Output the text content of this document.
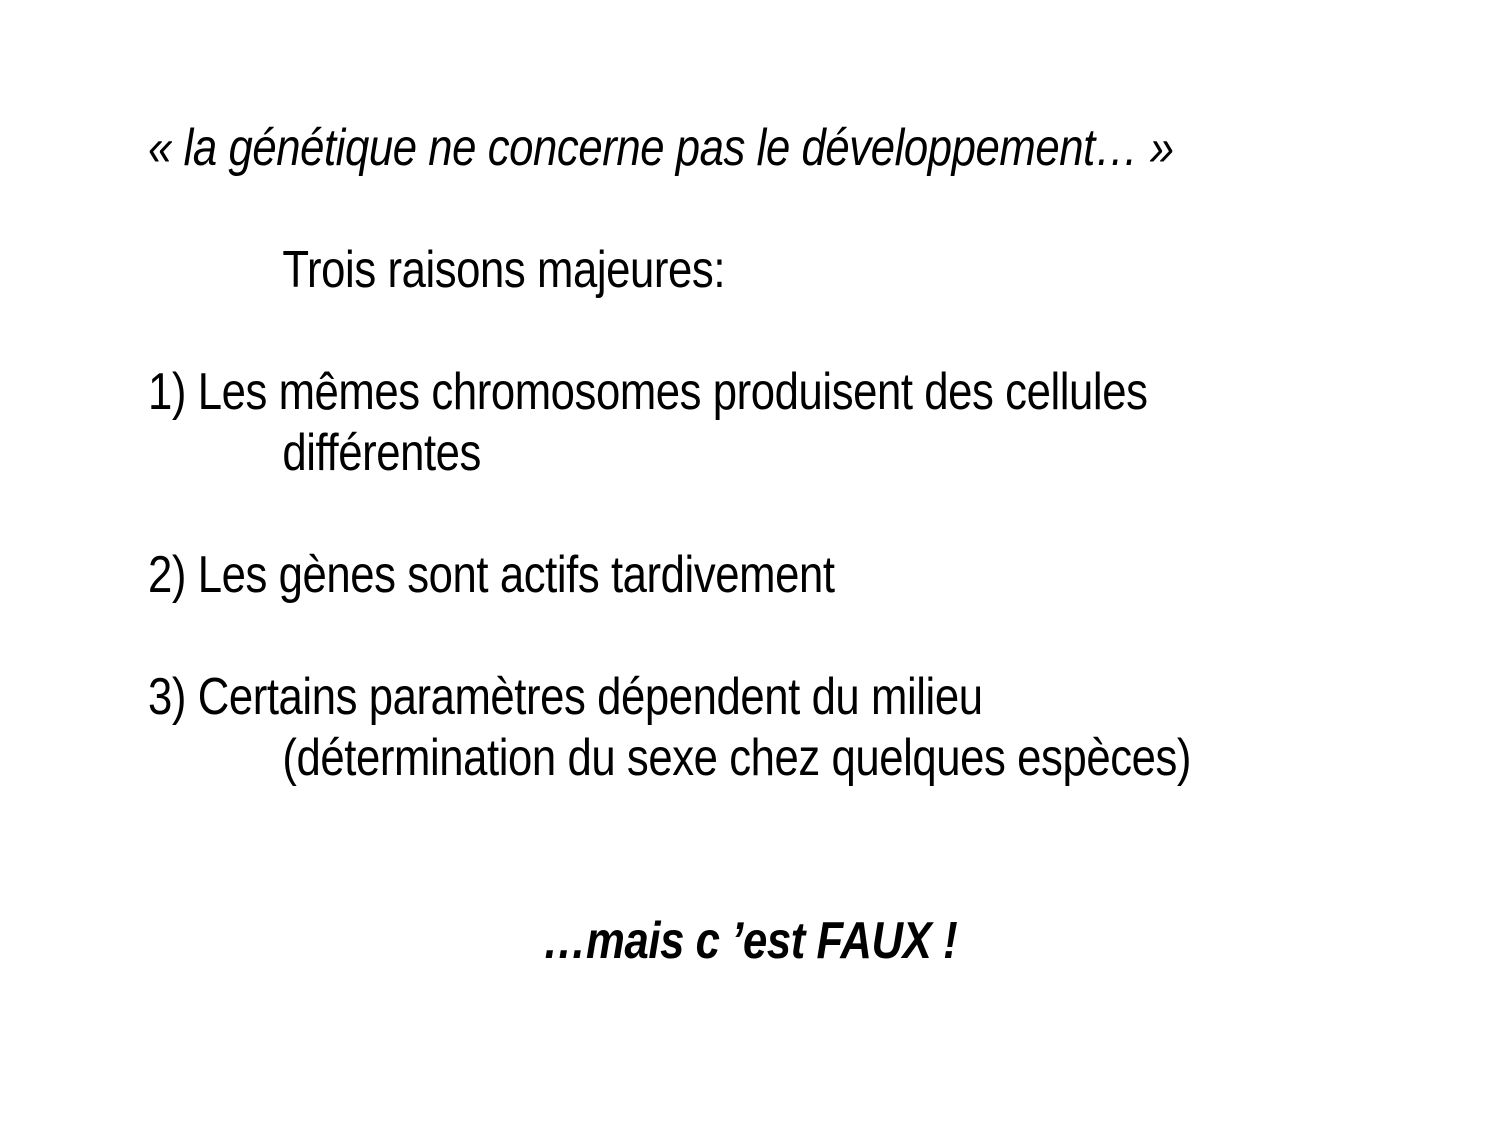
« la génétique ne concerne pas le développement… »
Trois raisons majeures:
1) Les mêmes chromosomes produisent des cellules
différentes
2) Les gènes sont actifs tardivement
3) Certains paramètres dépendent du milieu
(détermination du sexe chez quelques espèces)
…mais c ’est FAUX !
